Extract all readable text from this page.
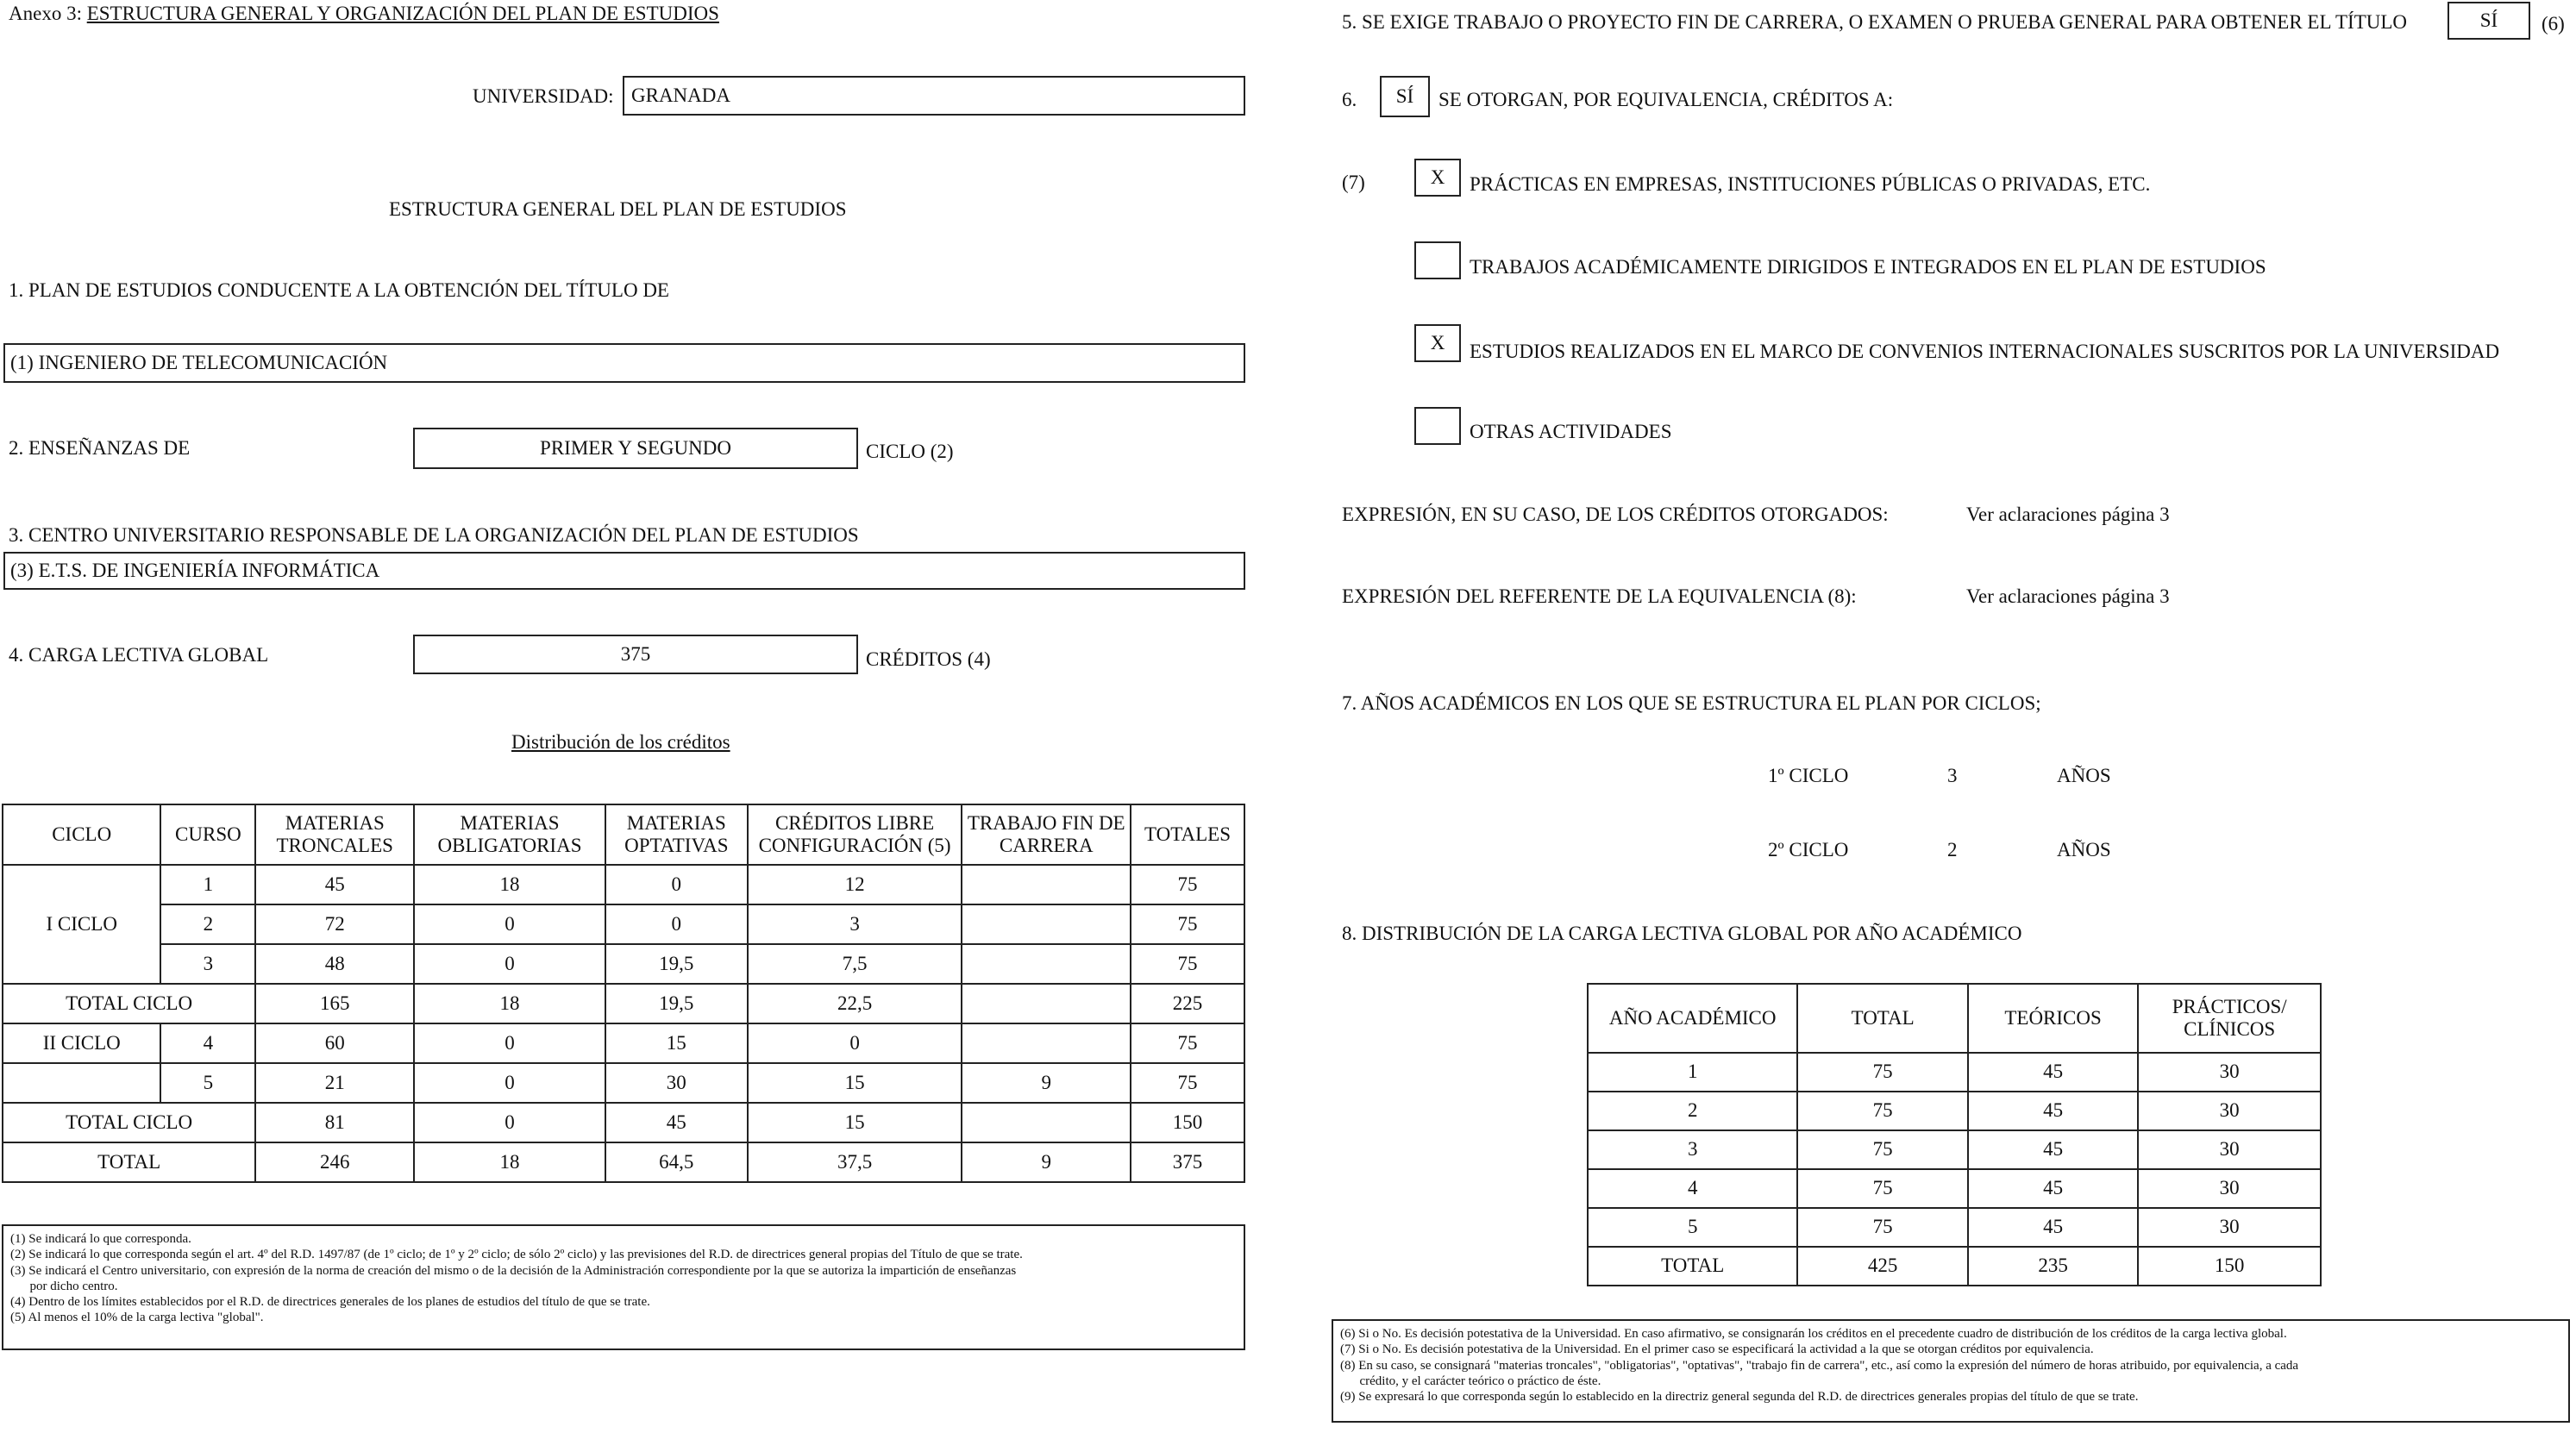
Anexo 3: ESTRUCTURA GENERAL Y ORGANIZACIÓN DEL PLAN DE ESTUDIOS
UNIVERSIDAD: GRANADA
ESTRUCTURA GENERAL DEL PLAN DE ESTUDIOS
1. PLAN DE ESTUDIOS CONDUCENTE A LA OBTENCIÓN DEL TÍTULO DE
(1) INGENIERO DE TELECOMUNICACIÓN
2. ENSEÑANZAS DE	PRIMER Y SEGUNDO	CICLO (2)
3. CENTRO UNIVERSITARIO RESPONSABLE DE LA ORGANIZACIÓN DEL PLAN DE ESTUDIOS
(3) E.T.S. DE INGENIERÍA INFORMÁTICA
4. CARGA LECTIVA GLOBAL	375	CRÉDITOS (4)
Distribución de los créditos
CICLO	CURSO	MATERIAS TRONCALES	MATERIAS OBLIGATORIAS	MATERIAS OPTATIVAS	CRÉDITOS LIBRE CONFIGURACIÓN (5)	TRABAJO FIN DE CARRERA	TOTALES
I CICLO	1	45	18	0	12		75
	2	72	0	0	3		75
	3	48	0	19,5	7,5		75
TOTAL CICLO		165	18	19,5	22,5		225
II CICLO	4	60	0	15	0		75
	5	21	0	30	15	9	75
TOTAL CICLO		81	0	45	15		150
TOTAL		246	18	64,5	37,5	9	375
(1) Se indicará lo que corresponda.
(2) Se indicará lo que corresponda según el art. 4º del R.D. 1497/87 (de 1º ciclo; de 1º y 2º ciclo; de sólo 2º ciclo) y las previsiones del R.D. de directrices general propias del Título de que se trate.
(3) Se indicará el Centro universitario, con expresión de la norma de creación del mismo o de la decisión de la Administración correspondiente por la que se autoriza la impartición de enseñanzas
por dicho centro.
(4) Dentro de los límites establecidos por el R.D. de directrices generales de los planes de estudios del título de que se trate.
(5) Al menos el 10% de la carga lectiva "global".
5. SE EXIGE TRABAJO O PROYECTO FIN DE CARRERA, O EXAMEN O PRUEBA GENERAL PARA OBTENER EL TÍTULO	SÍ (6)
6. SÍ SE OTORGAN, POR EQUIVALENCIA, CRÉDITOS A:
(7)	X PRÁCTICAS EN EMPRESAS, INSTITUCIONES PÚBLICAS O PRIVADAS, ETC.
TRABAJOS ACADÉMICAMENTE DIRIGIDOS E INTEGRADOS EN EL PLAN DE ESTUDIOS
X ESTUDIOS REALIZADOS EN EL MARCO DE CONVENIOS INTERNACIONALES SUSCRITOS POR LA UNIVERSIDAD
OTRAS ACTIVIDADES
EXPRESIÓN, EN SU CASO, DE LOS CRÉDITOS OTORGADOS:	Ver aclaraciones página 3
EXPRESIÓN DEL REFERENTE DE LA EQUIVALENCIA (8):	Ver aclaraciones página 3
7. AÑOS ACADÉMICOS EN LOS QUE SE ESTRUCTURA EL PLAN POR CICLOS;
1º CICLO	3	AÑOS
2º CICLO	2	AÑOS
8. DISTRIBUCIÓN DE LA CARGA LECTIVA GLOBAL POR AÑO ACADÉMICO
AÑO ACADÉMICO	TOTAL	TEÓRICOS	PRÁCTICOS/ CLÍNICOS
1	75	45	30
2	75	45	30
3	75	45	30
4	75	45	30
5	75	45	30
TOTAL	425	235	150
(6) Si o No. Es decisión potestativa de la Universidad. En caso afirmativo, se consignarán los créditos en el precedente cuadro de distribución de los créditos de la carga lectiva global.
(7) Si o No. Es decisión potestativa de la Universidad. En el primer caso se especificará la actividad a la que se otorgan créditos por equivalencia.
(8) En su caso, se consignará "materias troncales", "obligatorias", "optativas", "trabajo fin de carrera", etc., así como la expresión del número de horas atribuido, por equivalencia, a cada
crédito, y el carácter teórico o práctico de éste.
(9) Se expresará lo que corresponda según lo establecido en la directriz general segunda del R.D. de directrices generales propias del título de que se trate.
